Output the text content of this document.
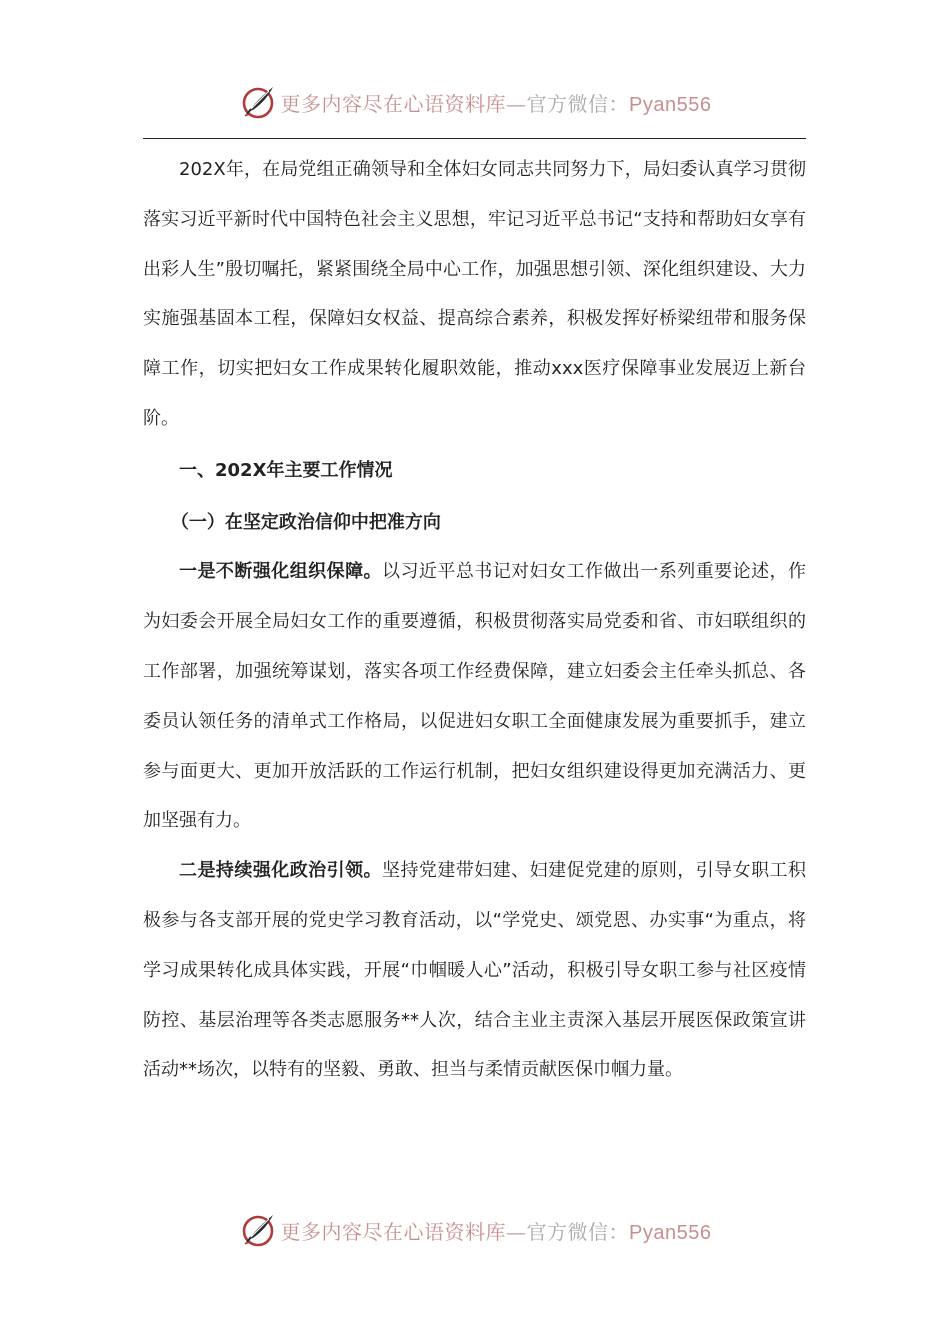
更多内容尽在心语资料库—官方微信：Pyan556

202X年，在局党组正确领导和全体妇女同志共同努力下，局妇委认真学习贯彻落实习近平新时代中国特色社会主义思想，牢记习近平总书记“支持和帮助妇女享有出彩人生”殷切嘱托，紧紧围绕全局中心工作，加强思想引领、深化组织建设、大力实施强基固本工程，保障妇女权益、提高综合素养，积极发挥好桥梁纽带和服务保障工作，切实把妇女工作成果转化履职效能，推动xxx医疗保障事业发展迈上新台阶。

一、202X年主要工作情况

（一）在坚定政治信仰中把准方向

一是不断强化组织保障。以习近平总书记对妇女工作做出一系列重要论述，作为妇委会开展全局妇女工作的重要遵循，积极贯彻落实局党委和省、市妇联组织的工作部署，加强统筹谋划，落实各项工作经费保障，建立妇委会主任牵头抓总、各委员认领任务的清单式工作格局，以促进妇女职工全面健康发展为重要抓手，建立参与面更大、更加开放活跃的工作运行机制，把妇女组织建设得更加充满活力、更加坚强有力。

二是持续强化政治引领。坚持党建带妇建、妇建促党建的原则，引导女职工积极参与各支部开展的党史学习教育活动，以“学党史、颂党恩、办实事“为重点，将学习成果转化成具体实践，开展“巾帼暖人心”活动，积极引导女职工参与社区疫情防控、基层治理等各类志愿服务**人次，结合主业主责深入基层开展医保政策宣讲活动**场次，以特有的坚毅、勇敢、担当与柔情贡献医保巾帼力量。

更多内容尽在心语资料库—官方微信：Pyan556
